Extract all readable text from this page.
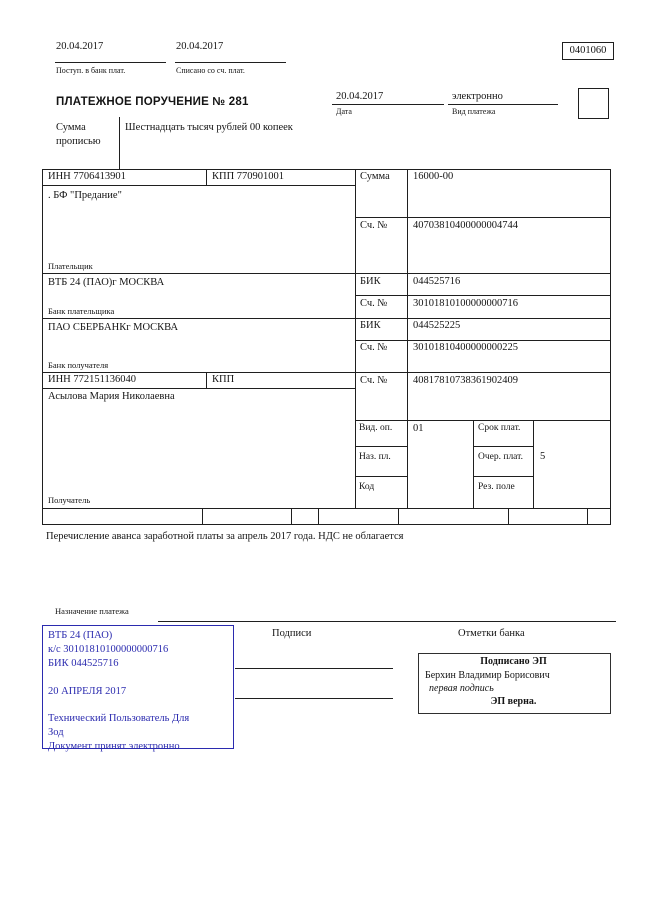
20.04.2017
Поступ. в банк плат.
20.04.2017
Списано со сч. плат.
0401060
ПЛАТЕЖНОЕ ПОРУЧЕНИЕ № 281	20.04.2017
Дата
электронно
Вид платежа
Сумма
прописью
Шестнадцать тысяч рублей 00 копеек
ИНН 7706413901	КПП 770901001	Сумма 16000-00
. БФ "Предание"
Сч. № 40703810400000004744
Плательщик
ВТБ 24 (ПАО)г МОСКВА	БИК	044525716
Сч. № 30101810100000000716
Банк плательщика
ПАО СБЕРБАНКг МОСКВА	БИК	044525225
Сч. № 30101810400000000225
Банк получателя
ИНН 772151136040	КПП	Сч. № 40817810738361902409
Асылова Мария Николаевна
Вид. оп. 01	Срок плат.
Наз. пл.	Очер. плат. 5
Код	Рез. поле
Получатель
Перечисление аванса заработной платы за апрель 2017 года. НДС не облагается
Назначение платежа
ВТБ 24 (ПАО)
к/с 30101810100000000716
БИК 044525716
20 АПРЕЛЯ 2017
Технический Пользователь Для
Зод
Документ принят электронно
Подписи	Отметки банка
Подписано ЭП
Берхин Владимир Борисович
первая подпись
ЭП верна.
